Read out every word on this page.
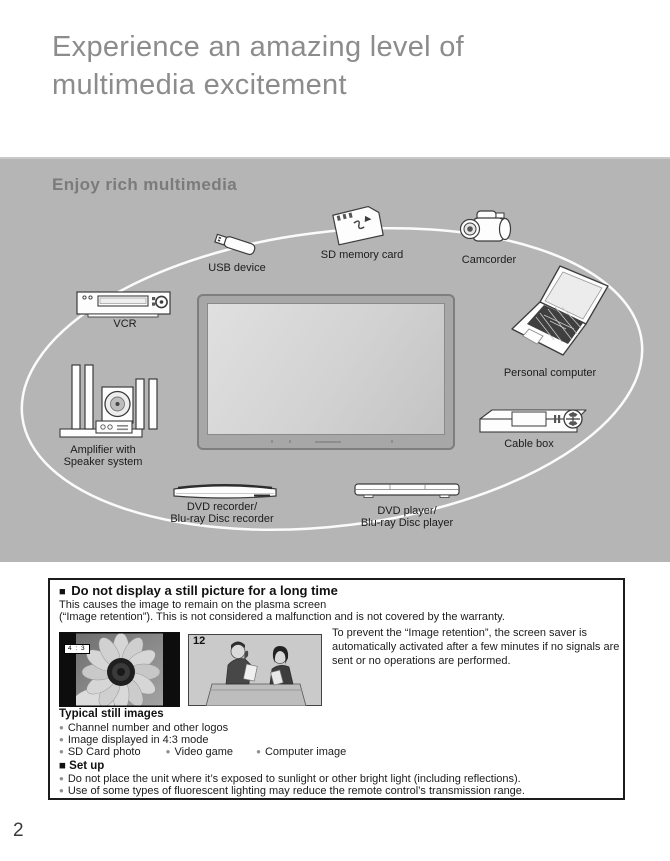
Experience an amazing level of
multimedia excitement
Enjoy rich multimedia
USB device
SD memory card	Camcorder
Personal computer
VCR
Amplifier with
Speaker system
Cable box
DVD recorder/
Blu-ray Disc recorder
DVD player/
Blu-ray Disc player
■ Do not display a still picture for a long time
This causes the image to remain on the plasma screen
(“Image retention”). This is not considered a malfunction and is not covered by the warranty.
4 : 3
12
To prevent the “Image retention”, the screen saver is automatically activated after a few minutes if no signals are sent or no operations are performed.
Typical still images
● Channel number and other logos
● Image displayed in 4:3 mode
● SD Card photo	● Video game	● Computer image
■ Set up
● Do not place the unit where it’s exposed to sunlight or other bright light (including reflections).
● Use of some types of fluorescent lighting may reduce the remote control’s transmission range.
2
